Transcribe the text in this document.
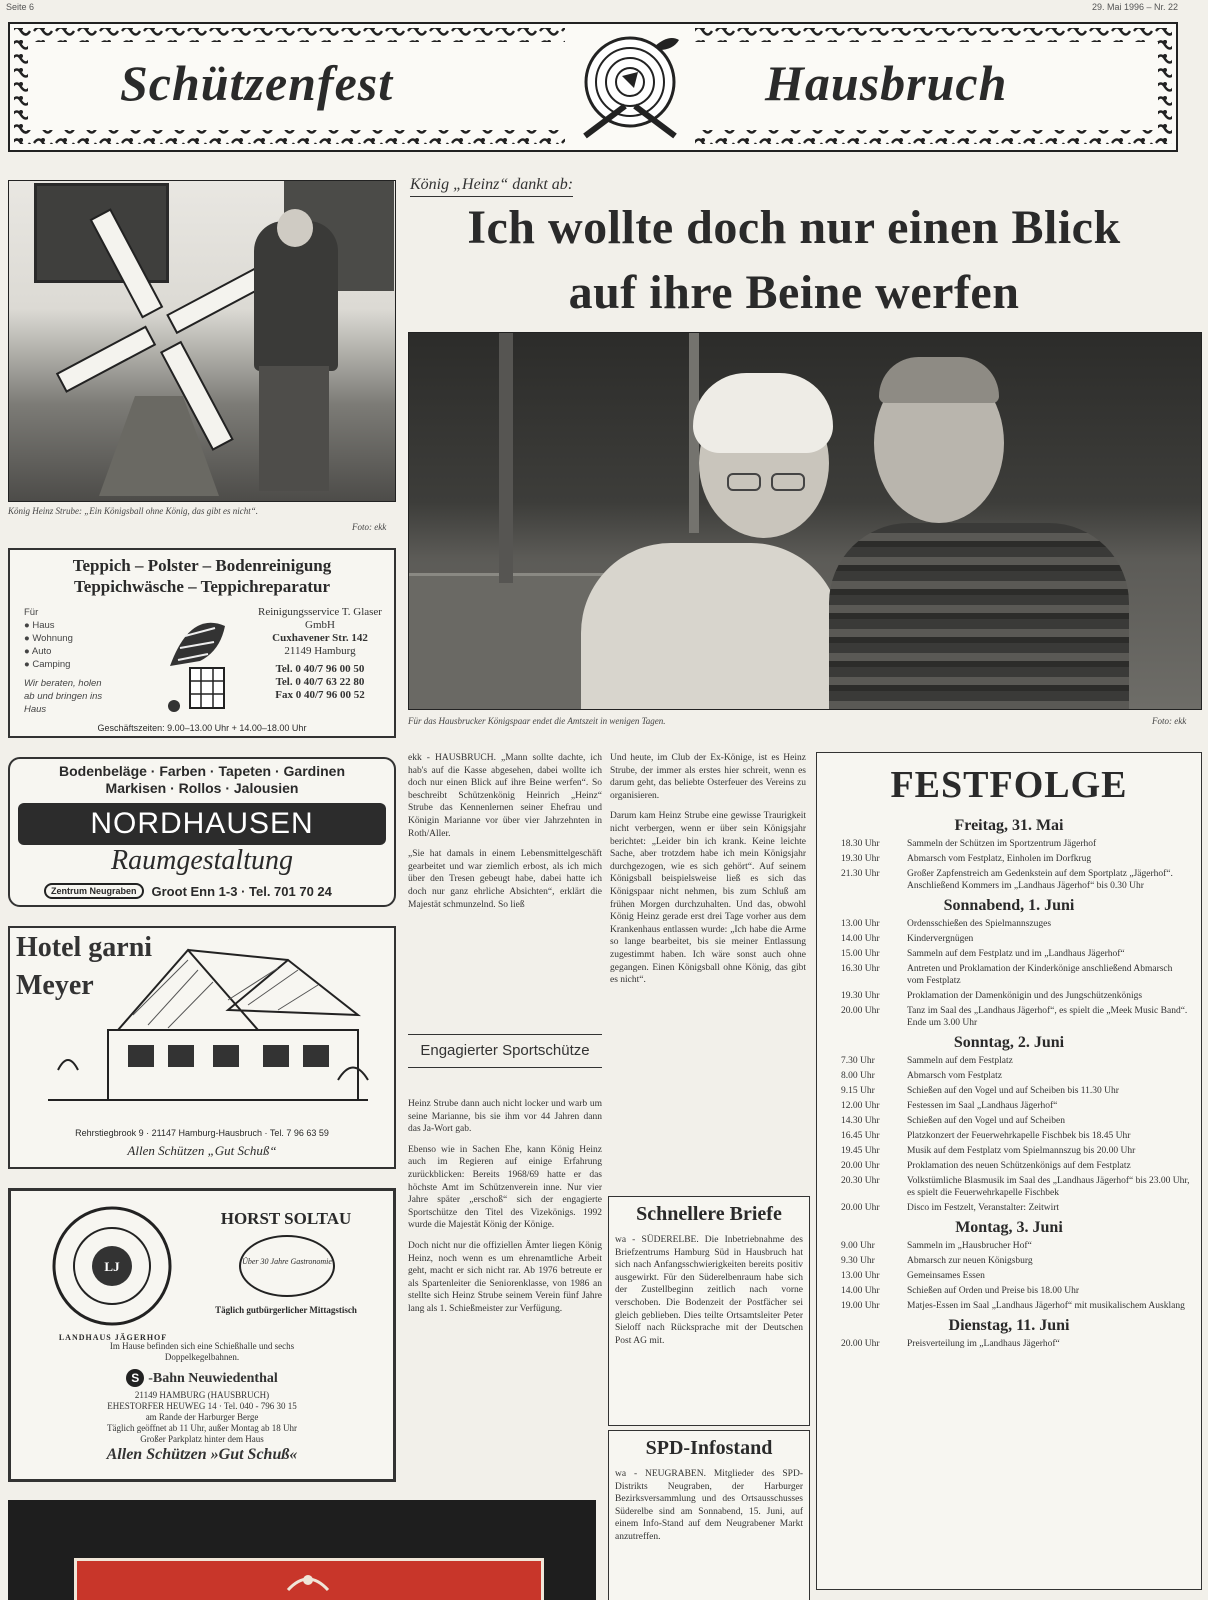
Seite 6	29. Mai 1996 – Nr. 22
Schützenfest	Hausbruch
König Heinz Strube: „Ein Königsball ohne König, das gibt es nicht“.
Foto: ekk
Teppich – Polster – Bodenreinigung
Teppichwäsche – Teppichreparatur
Für
● Haus
● Wohnung
● Auto
● Camping
Wir beraten, holen ab und bringen ins Haus
Reinigungsservice T. Glaser GmbH
Cuxhavener Str. 142
21149 Hamburg
Tel. 0 40/7 96 00 50
Tel. 0 40/7 63 22 80
Fax 0 40/7 96 00 52
Geschäftszeiten: 9.00–13.00 Uhr + 14.00–18.00 Uhr
Bodenbeläge · Farben · Tapeten · Gardinen
Markisen · Rollos · Jalousien
NORDHAUSEN
Raumgestaltung
Zentrum Neugraben	Groot Enn 1-3 · Tel. 701 70 24
Hotel garni
Meyer
Rehrstiegbrook 9 · 21147 Hamburg-Hausbruch · Tel. 7 96 63 59
Allen Schützen „Gut Schuß“
LJ
LANDHAUS JÄGERHOF
HORST SOLTAU
Über 30 Jahre Gastronomie
Täglich gutbürgerlicher Mittagstisch
Im Hause befinden sich eine Schießhalle und sechs Doppelkegelbahnen.
S -Bahn Neuwiedenthal
21149 HAMBURG (HAUSBRUCH)
EHESTORFER HEUWEG 14 · Tel. 040 - 796 30 15
am Rande der Harburger Berge
Täglich geöffnet ab 11 Uhr, außer Montag ab 18 Uhr
Großer Parkplatz hinter dem Haus
Allen Schützen »Gut Schuß«
König „Heinz“ dankt ab:
Ich wollte doch nur einen Blick
auf ihre Beine werfen
Für das Hausbrucker Königspaar endet die Amtszeit in wenigen Tagen.	Foto: ekk

ekk - HAUSBRUCH. „Mann sollte dachte, ich hab's auf die Kasse abgesehen, dabei wollte ich doch nur einen Blick auf ihre Beine werfen“. So beschreibt Schützenkönig Heinrich „Heinz“ Strube das Kennenlernen seiner Ehefrau und Königin Marianne vor über vier Jahrzehnten in Roth/Aller.

„Sie hat damals in einem Lebensmittelgeschäft gearbeitet und war ziemlich erbost, als ich mich über den Tresen gebeugt habe, dabei hatte ich doch nur ganz ehrliche Absichten“, erklärt die Majestät schmunzelnd. So ließ

Engagierter Sportschütze

Heinz Strube dann auch nicht locker und warb um seine Marianne, bis sie ihm vor 44 Jahren dann das Ja-Wort gab.

Ebenso wie in Sachen Ehe, kann König Heinz auch im Regieren auf einige Erfahrung zurückblicken: Bereits 1968/69 hatte er das höchste Amt im Schützenverein inne. Nur vier Jahre später „erschoß“ sich der engagierte Sportschütze den Titel des Vizekönigs. 1992 wurde die Majestät König der Könige.

Doch nicht nur die offiziellen Ämter liegen König Heinz, noch wenn es um ehrenamtliche Arbeit geht, macht er sich nicht rar. Ab 1976 betreute er als Spartenleiter die Seniorenklasse, von 1986 an stellte sich Heinz Strube seinem Verein fünf Jahre lang als 1. Schießmeister zur Verfügung.

Und heute, im Club der Ex-Könige, ist es Heinz Strube, der immer als erstes hier schreit, wenn es darum geht, das beliebte Osterfeuer des Vereins zu organisieren.

Darum kam Heinz Strube eine gewisse Traurigkeit nicht verbergen, wenn er über sein Königsjahr berichtet: „Leider bin ich krank. Keine leichte Sache, aber trotzdem habe ich mein Königsjahr durchgezogen, wie es sich gehört“. Auf seinem Königsball beispielsweise ließ es sich das Königspaar nicht nehmen, bis zum Schluß am frühen Morgen durchzuhalten. Und das, obwohl König Heinz gerade erst drei Tage vorher aus dem Krankenhaus entlassen wurde: „Ich habe die Arme so lange bearbeitet, bis sie meiner Entlassung zugestimmt haben. Ich wäre sonst auch ohne gegangen. Einen Königsball ohne König, das gibt es nicht“.

Schnellere Briefe
wa - SÜDERELBE. Die Inbetriebnahme des Briefzentrums Hamburg Süd in Hausbruch hat sich nach Anfangsschwierigkeiten bereits positiv ausgewirkt. Für den Süderelbenraum habe sich der Zustellbeginn zeitlich nach vorne verschoben. Die Bodenzeit der Postfächer sei gleich geblieben. Dies teilte Ortsamtsleiter Peter Sieloff nach Rücksprache mit der Deutschen Post AG mit.
SPD-Infostand
wa - NEUGRABEN. Mitglieder des SPD-Distrikts Neugraben, der Harburger Bezirksversammlung und des Ortsausschusses Süderelbe sind am Sonnabend, 15. Juni, auf einem Info-Stand auf dem Neugrabener Markt anzutreffen.
FESTFOLGE
Freitag, 31. Mai
18.30 Uhr	Sammeln der Schützen im Sportzentrum Jägerhof
19.30 Uhr	Abmarsch vom Festplatz, Einholen im Dorfkrug
21.30 Uhr	Großer Zapfenstreich am Gedenkstein auf dem Sportplatz „Jägerhof“. Anschließend Kommers im „Landhaus Jägerhof“ bis 0.30 Uhr
Sonnabend, 1. Juni
13.00 Uhr	Ordensschießen des Spielmannszuges
14.00 Uhr	Kindervergnügen
15.00 Uhr	Sammeln auf dem Festplatz und im „Landhaus Jägerhof“
16.30 Uhr	Antreten und Proklamation der Kinderkönige anschließend Abmarsch vom Festplatz
19.30 Uhr	Proklamation der Damenkönigin und des Jungschützenkönigs
20.00 Uhr	Tanz im Saal des „Landhaus Jägerhof“, es spielt die „Meek Music Band“. Ende um 3.00 Uhr
Sonntag, 2. Juni
7.30 Uhr	Sammeln auf dem Festplatz
8.00 Uhr	Abmarsch vom Festplatz
9.15 Uhr	Schießen auf den Vogel und auf Scheiben bis 11.30 Uhr
12.00 Uhr	Festessen im Saal „Landhaus Jägerhof“
14.30 Uhr	Schießen auf den Vogel und auf Scheiben
16.45 Uhr	Platzkonzert der Feuerwehrkapelle Fischbek bis 18.45 Uhr
19.45 Uhr	Musik auf dem Festplatz vom Spielmannszug bis 20.00 Uhr
20.00 Uhr	Proklamation des neuen Schützenkönigs auf dem Festplatz
20.30 Uhr	Volkstümliche Blasmusik im Saal des „Landhaus Jägerhof“ bis 23.00 Uhr, es spielt die Feuerwehrkapelle Fischbek
20.00 Uhr	Disco im Festzelt, Veranstalter: Zeitwirt
Montag, 3. Juni
9.00 Uhr	Sammeln im „Hausbrucher Hof“
9.30 Uhr	Abmarsch zur neuen Königsburg
13.00 Uhr	Gemeinsames Essen
14.00 Uhr	Schießen auf Orden und Preise bis 18.00 Uhr
19.00 Uhr	Matjes-Essen im Saal „Landhaus Jägerhof“ mit musikalischem Ausklang
Dienstag, 11. Juni
20.00 Uhr	Preisverteilung im „Landhaus Jägerhof“
